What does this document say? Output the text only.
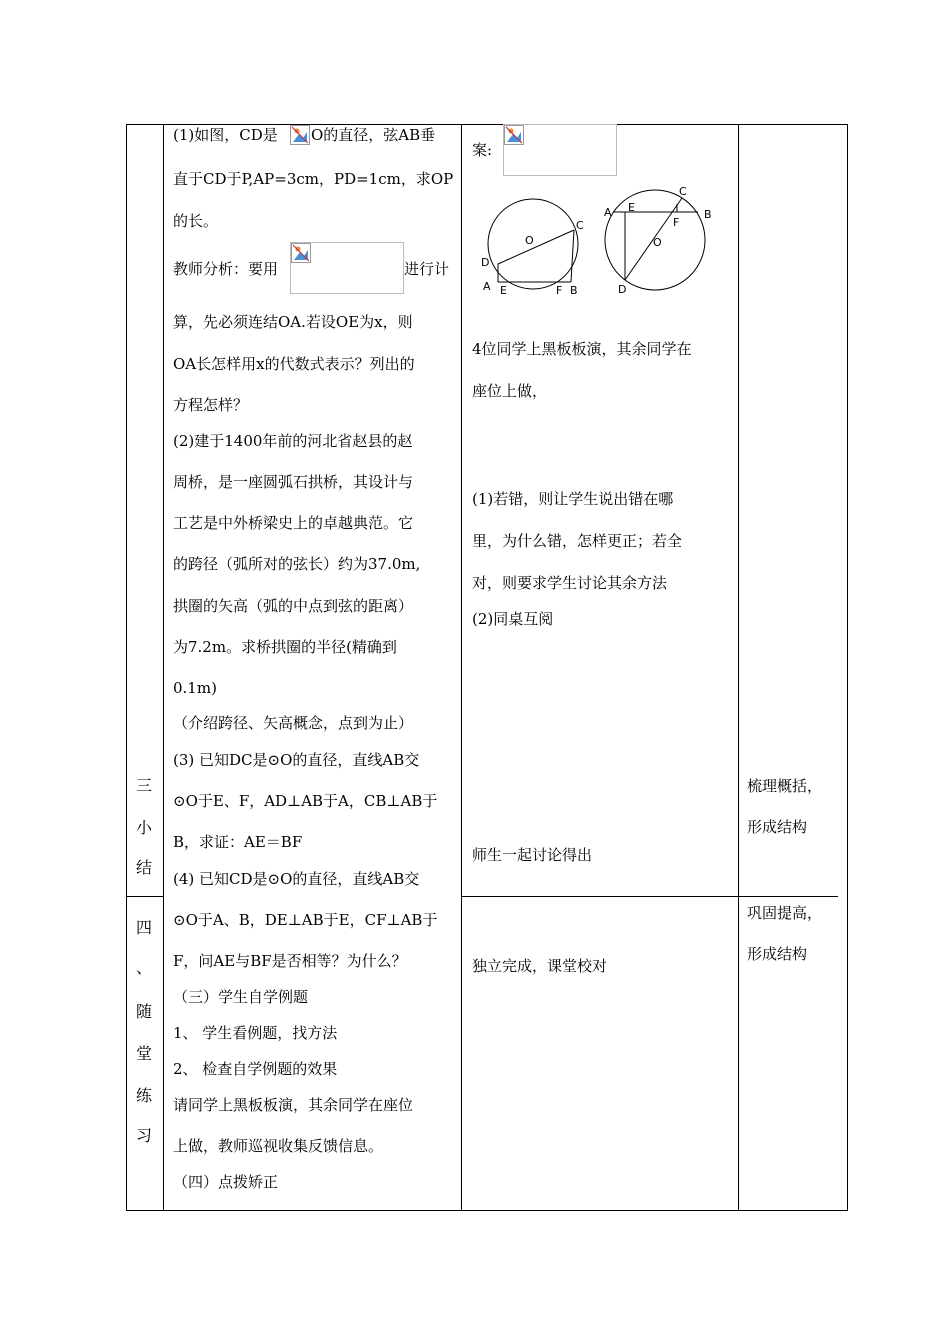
三
小
结
四
、
随
堂
练
习
(1)如图，CD是 O的直径，弦AB垂
直于CD于P,AP=3cm，PD=1cm，求OP
的长。
教师分析：要用	进行计
算，先必须连结OA.若设OE为x，则
OA长怎样用x的代数式表示？列出的
方程怎样？
(2)建于1400年前的河北省赵县的赵
周桥，是一座圆弧石拱桥，其设计与
工艺是中外桥梁史上的卓越典范。它
的跨径（弧所对的弦长）约为37.0m,
拱圈的矢高（弧的中点到弦的距离）
为7.2m。求桥拱圈的半径(精确到
0.1m)
（介绍跨径、矢高概念，点到为止）
(3) 已知DC是⊙O的直径，直线AB交
⊙O于E、F，AD⊥AB于A，CB⊥AB于
B，求证：AE＝BF
(4) 已知CD是⊙O的直径，直线AB交
⊙O于A、B，DE⊥AB于E，CF⊥AB于
F，问AE与BF是否相等？为什么？
（三）学生自学例题
1、 学生看例题，找方法
2、 检查自学例题的效果
请同学上黑板板演，其余同学在座位
上做，教师巡视收集反馈信息。
（四）点拨矫正
案:
A E	F B
C
D
O
A E
F
B
C
D
O
4位同学上黑板板演，其余同学在
座位上做，
(1)若错，则让学生说出错在哪
里，为什么错，怎样更正；若全
对，则要求学生讨论其余方法
(2)同桌互阅
师生一起讨论得出
独立完成，课堂校对
梳理概括，
形成结构
巩固提高，
形成结构
